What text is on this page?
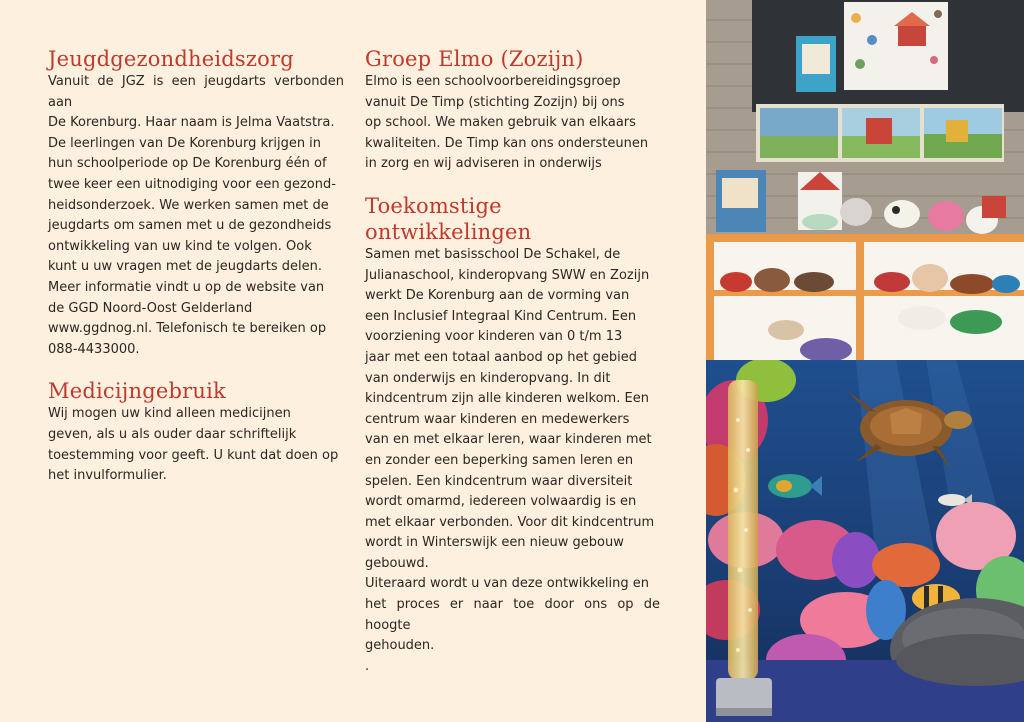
Jeugdgezondheidszorg

Vanuit de JGZ is een jeugdarts verbonden aan
De Korenburg. Haar naam is Jelma Vaatstra.
De leerlingen van De Korenburg krijgen in
hun schoolperiode op De Korenburg één of
twee keer een uitnodiging voor een gezond-
heidsonderzoek. We werken samen met de
jeugdarts om samen met u de gezondheids
ontwikkeling van uw kind te volgen. Ook
kunt u uw vragen met de jeugdarts delen.
Meer informatie vindt u op de website van
de GGD Noord-Oost Gelderland
www.ggdnog.nl. Telefonisch te bereiken op
088-4433000.

Medicijngebruik

Wij mogen uw kind alleen medicijnen
geven, als u als ouder daar schriftelijk
toestemming voor geeft. U kunt dat doen op
het invulformulier.

Groep Elmo (Zozijn)

Elmo is een schoolvoorbereidingsgroep
vanuit De Timp (stichting Zozijn) bij ons
op school. We maken gebruik van elkaars
kwaliteiten. De Timp kan ons ondersteunen
in zorg en wij adviseren in onderwijs

Toekomstige ontwikkelingen

Samen met basisschool De Schakel, de
Julianaschool, kinderopvang SWW en Zozijn
werkt De Korenburg aan de vorming van
een Inclusief Integraal Kind Centrum. Een
voorziening voor kinderen van 0 t/m 13
jaar met een totaal aanbod op het gebied
van onderwijs en kinderopvang. In dit
kindcentrum zijn alle kinderen welkom. Een
centrum waar kinderen en medewerkers
van en met elkaar leren, waar kinderen met
en zonder een beperking samen leren en
spelen. Een kindcentrum waar diversiteit
wordt omarmd, iedereen volwaardig is en
met elkaar verbonden. Voor dit kindcentrum
wordt in Winterswijk een nieuw gebouw
gebouwd.
Uiteraard wordt u van deze ontwikkeling en
het proces er naar toe door ons op de hoogte
gehouden.
.
